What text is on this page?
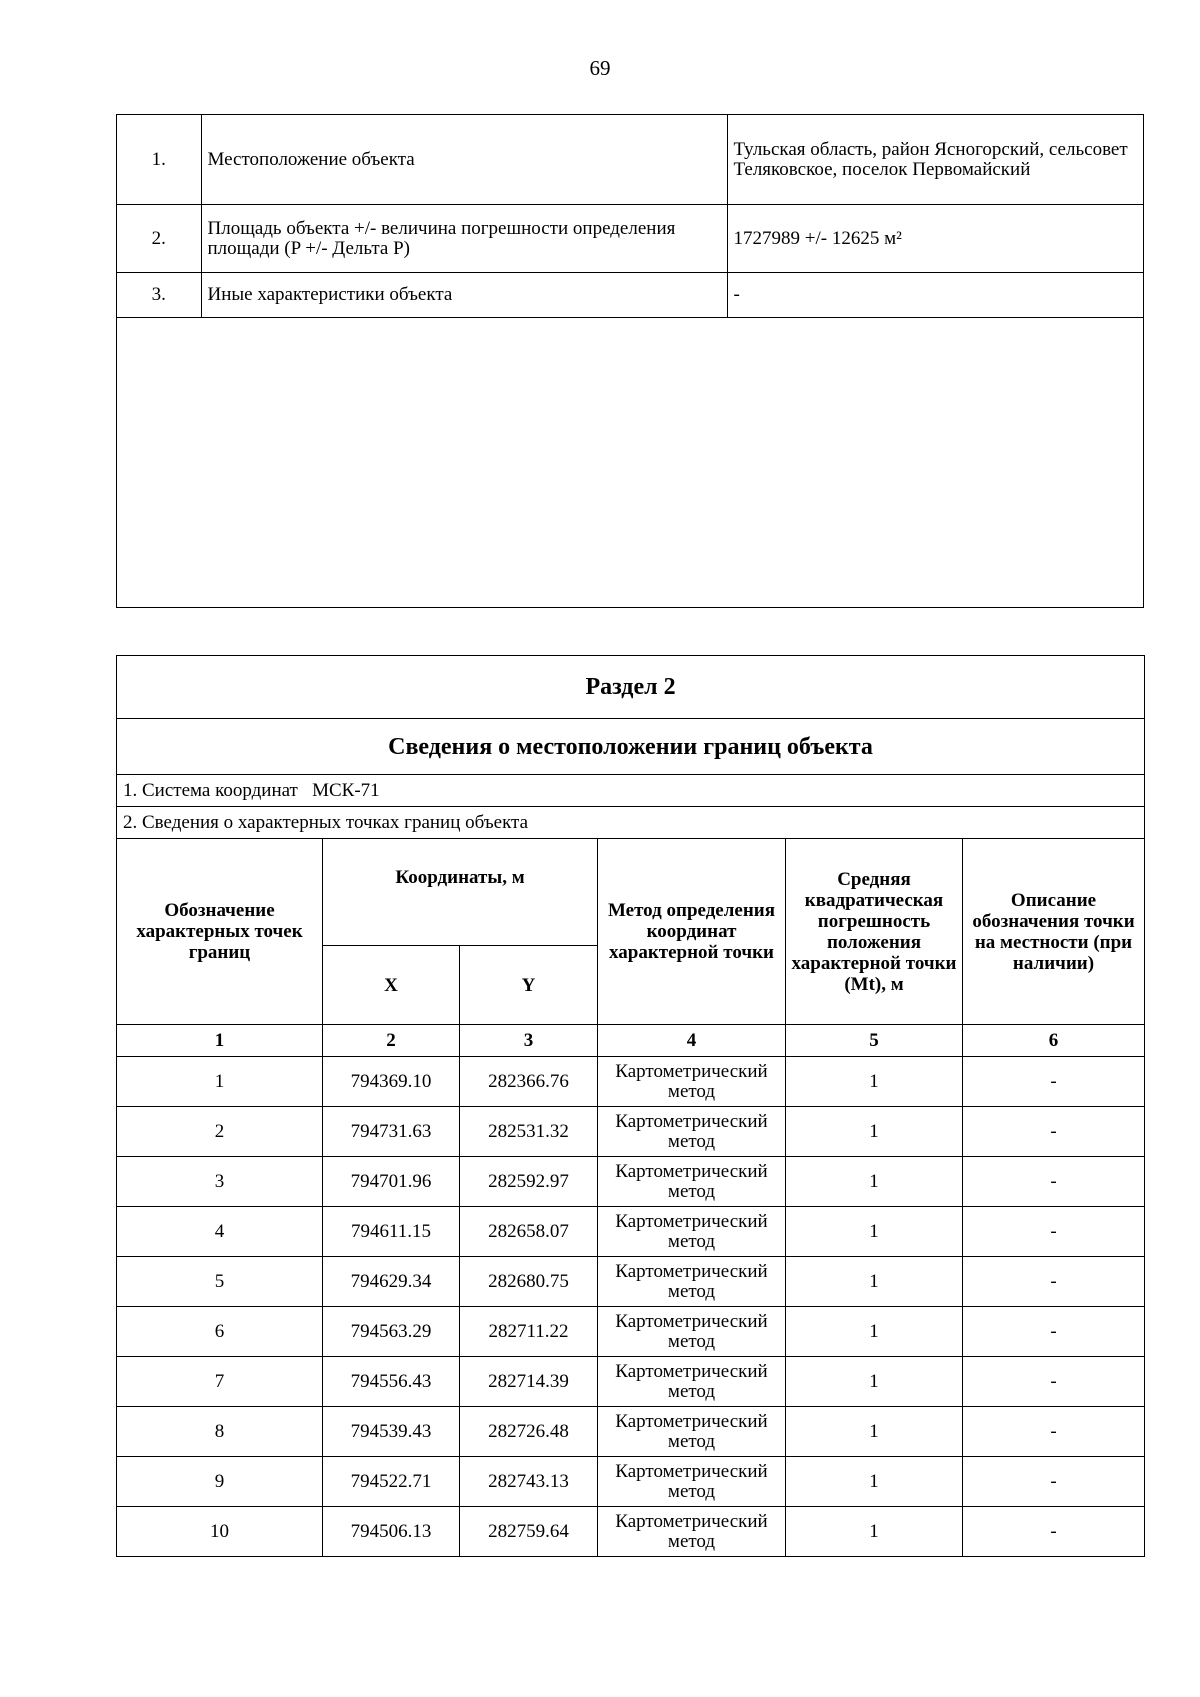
69
1.	Местоположение объекта	Тульская область, район Ясногорский, сельсовет Теляковское, поселок Первомайский
2.	Площадь объекта +/- величина погрешности определения площади (P +/- Дельта P)	1727989 +/- 12625 м²
3.	Иные характеристики объекта	-
Раздел 2					
Сведения о местоположении границ объекта					
1. Система координат   МСК-71					
2. Сведения о характерных точках границ объекта					
Обозначение характерных точек границ	Координаты, м		Метод определения координат характерной точки	Средняя квадратическая погрешность положения характерной точки (Mt), м	Описание обозначения точки на местности (при наличии)
	X	Y			
1	2	3	4	5	6
1	794369.10	282366.76	Картометрический метод	1	-
2	794731.63	282531.32	Картометрический метод	1	-
3	794701.96	282592.97	Картометрический метод	1	-
4	794611.15	282658.07	Картометрический метод	1	-
5	794629.34	282680.75	Картометрический метод	1	-
6	794563.29	282711.22	Картометрический метод	1	-
7	794556.43	282714.39	Картометрический метод	1	-
8	794539.43	282726.48	Картометрический метод	1	-
9	794522.71	282743.13	Картометрический метод	1	-
10	794506.13	282759.64	Картометрический метод	1	-
